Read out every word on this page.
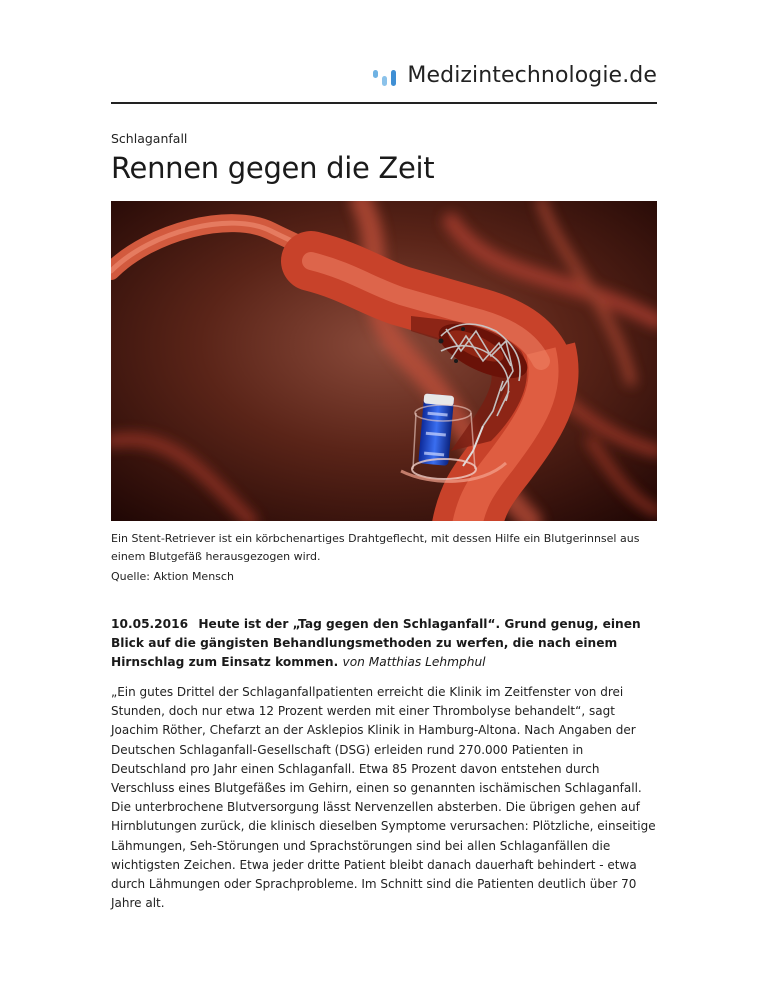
Medizintechnologie.de
Schlaganfall
Rennen gegen die Zeit
Ein Stent-Retriever ist ein körbchenartiges Drahtgeflecht, mit dessen Hilfe ein Blutgerinnsel aus einem Blutgefäß herausgezogen wird.
Quelle: Aktion Mensch
10.05.2016 Heute ist der „Tag gegen den Schlaganfall“. Grund genug, einen Blick auf die gängisten Behandlungsmethoden zu werfen, die nach einem Hirnschlag zum Einsatz kommen. von Matthias Lehmphul
„Ein gutes Drittel der Schlaganfallpatienten erreicht die Klinik im Zeitfenster von drei Stunden, doch nur etwa 12 Prozent werden mit einer Thrombolyse behandelt“, sagt Joachim Röther, Chefarzt an der Asklepios Klinik in Hamburg-Altona. Nach Angaben der Deutschen Schlaganfall-Gesellschaft (DSG) erleiden rund 270.000 Patienten in Deutschland pro Jahr einen Schlaganfall. Etwa 85 Prozent davon entstehen durch Verschluss eines Blutgefäßes im Gehirn, einen so genannten ischämischen Schlaganfall. Die unterbrochene Blutversorgung lässt Nervenzellen absterben. Die übrigen gehen auf Hirnblutungen zurück, die klinisch dieselben Symptome verursachen: Plötzliche, einseitige Lähmungen, Seh-Störungen und Sprachstörungen sind bei allen Schlaganfällen die wichtigsten Zeichen. Etwa jeder dritte Patient bleibt danach dauerhaft behindert - etwa durch Lähmungen oder Sprachprobleme. Im Schnitt sind die Patienten deutlich über 70 Jahre alt.
